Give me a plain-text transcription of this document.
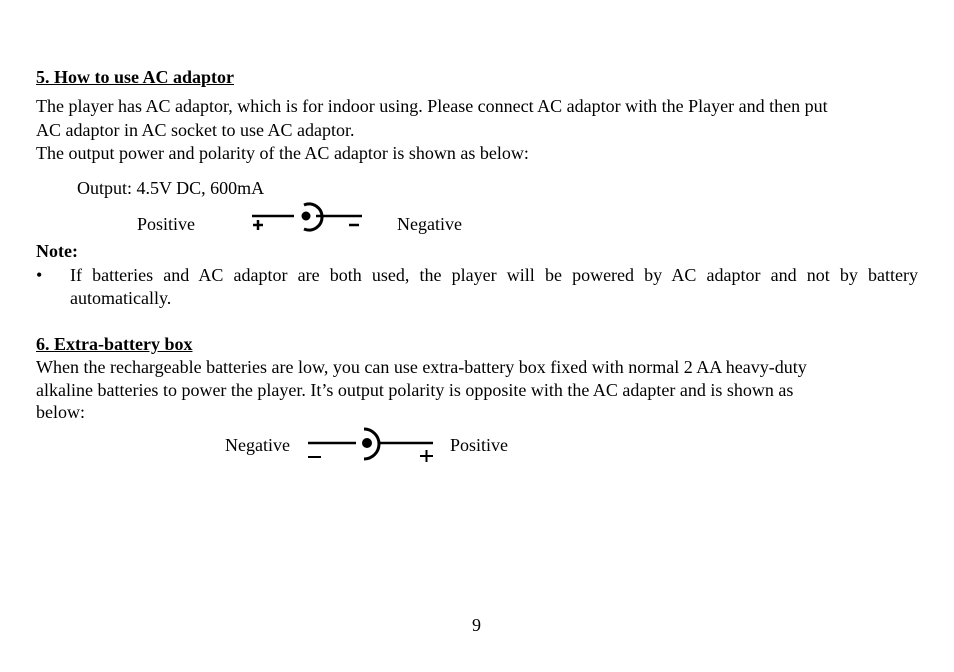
5. How to use AC adaptor
The player has AC adaptor, which is for indoor using. Please connect AC adaptor with the Player and then put
AC adaptor in AC socket to use AC adaptor.
The output power and polarity of the AC adaptor is shown as below:
Output: 4.5V DC, 600mA
Positive	Negative
Note:
• If batteries and AC adaptor are both used, the player will be powered by AC adaptor and not by battery
automatically.
6. Extra-battery box
When the rechargeable batteries are low, you can use extra-battery box fixed with normal 2 AA heavy-duty
alkaline batteries to power the player. It’s output polarity is opposite with the AC adapter and is shown as
below:
Negative	Positive
9
